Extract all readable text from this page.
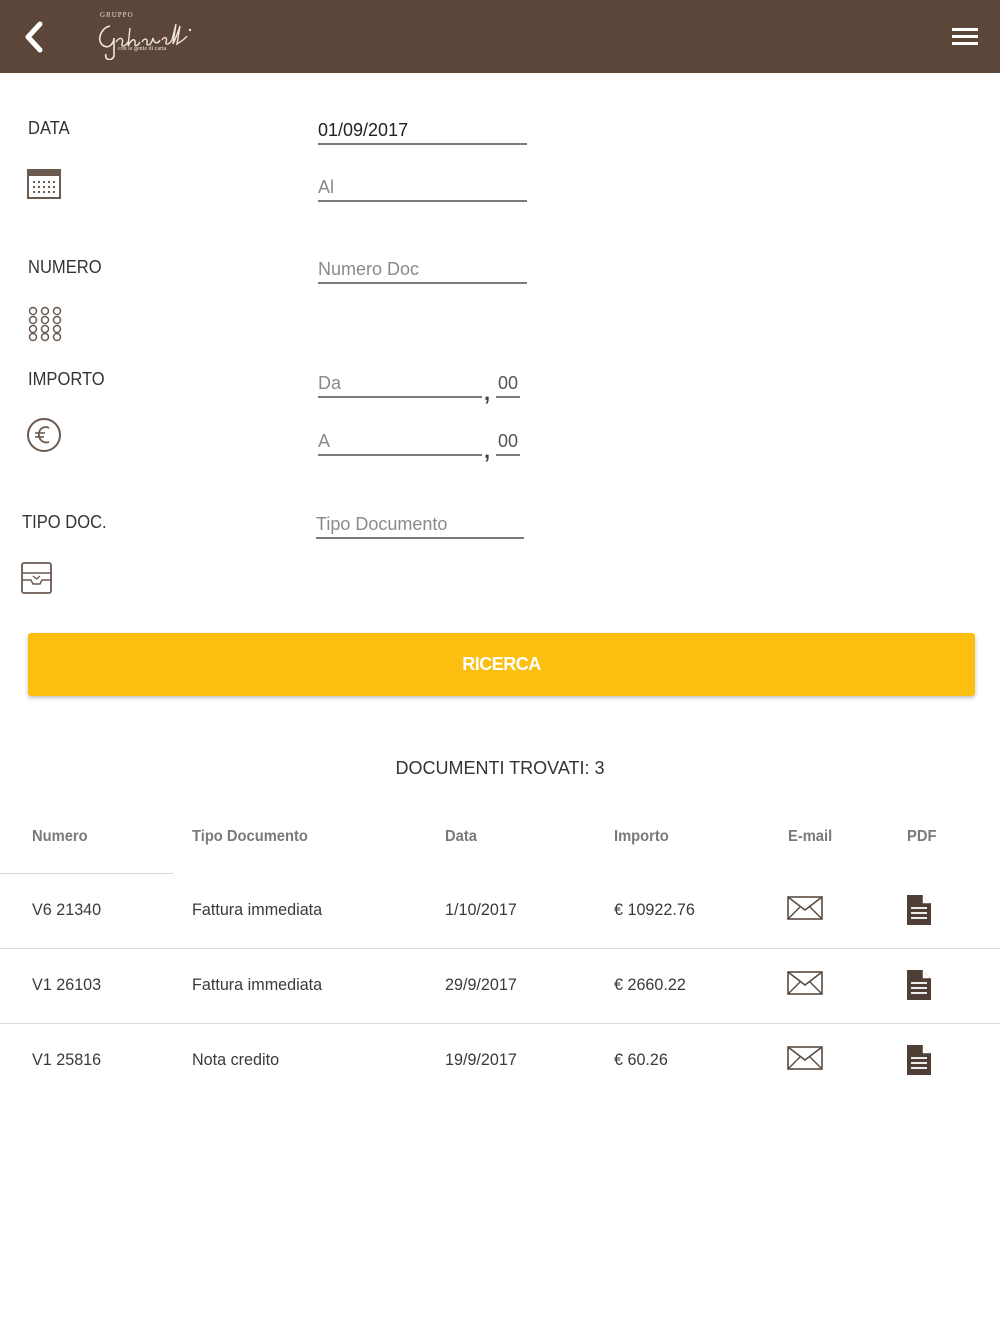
GRUPPO
con le gente di carta
DATA
01/09/2017
Al
NUMERO
Numero Doc
IMPORTO
Da
,
00
A
,
00
TIPO DOC.
Tipo Documento
RICERCA
DOCUMENTI TROVATI: 3
Numero	Tipo Documento	Data	Importo	E-mail	PDF
V6 21340	Fattura immediata	1/10/2017	€ 10922.76
V1 26103	Fattura immediata	29/9/2017	€ 2660.22
V1 25816	Nota credito	19/9/2017	€ 60.26
